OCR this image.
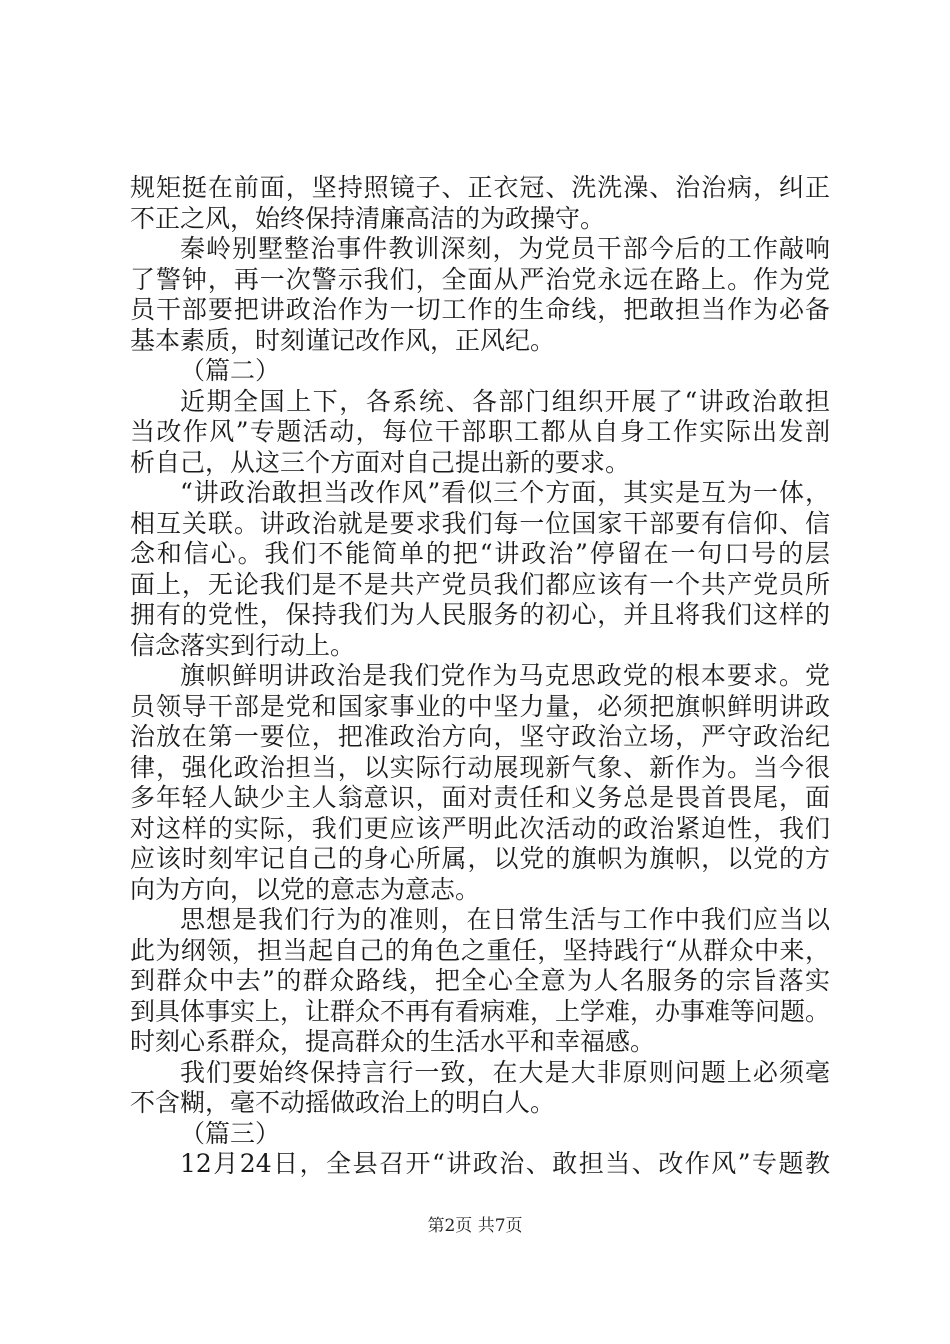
规矩挺在前面，坚持照镜子、正衣冠、洗洗澡、治治病，纠正
不正之风，始终保持清廉高洁的为政操守。
秦岭别墅整治事件教训深刻，为党员干部今后的工作敲响
了警钟，再一次警示我们，全面从严治党永远在路上。作为党
员干部要把讲政治作为一切工作的生命线，把敢担当作为必备
基本素质，时刻谨记改作风，正风纪。
（篇二）
近期全国上下，各系统、各部门组织开展了“讲政治敢担
当改作风”专题活动，每位干部职工都从自身工作实际出发剖
析自己，从这三个方面对自己提出新的要求。
“讲政治敢担当改作风”看似三个方面，其实是互为一体，
相互关联。讲政治就是要求我们每一位国家干部要有信仰、信
念和信心。我们不能简单的把“讲政治”停留在一句口号的层
面上，无论我们是不是共产党员我们都应该有一个共产党员所
拥有的党性，保持我们为人民服务的初心，并且将我们这样的
信念落实到行动上。
旗帜鲜明讲政治是我们党作为马克思政党的根本要求。党
员领导干部是党和国家事业的中坚力量，必须把旗帜鲜明讲政
治放在第一要位，把准政治方向，坚守政治立场，严守政治纪
律，强化政治担当，以实际行动展现新气象、新作为。当今很
多年轻人缺少主人翁意识，面对责任和义务总是畏首畏尾，面
对这样的实际，我们更应该严明此次活动的政治紧迫性，我们
应该时刻牢记自己的身心所属，以党的旗帜为旗帜，以党的方
向为方向，以党的意志为意志。
思想是我们行为的准则，在日常生活与工作中我们应当以
此为纲领，担当起自己的角色之重任，坚持践行“从群众中来，
到群众中去”的群众路线，把全心全意为人名服务的宗旨落实
到具体事实上，让群众不再有看病难，上学难，办事难等问题。
时刻心系群众，提高群众的生活水平和幸福感。
我们要始终保持言行一致，在大是大非原则问题上必须毫
不含糊，毫不动摇做政治上的明白人。
（篇三）
12月24日，全县召开“讲政治、敢担当、改作风”专题教
第2页 共7页
